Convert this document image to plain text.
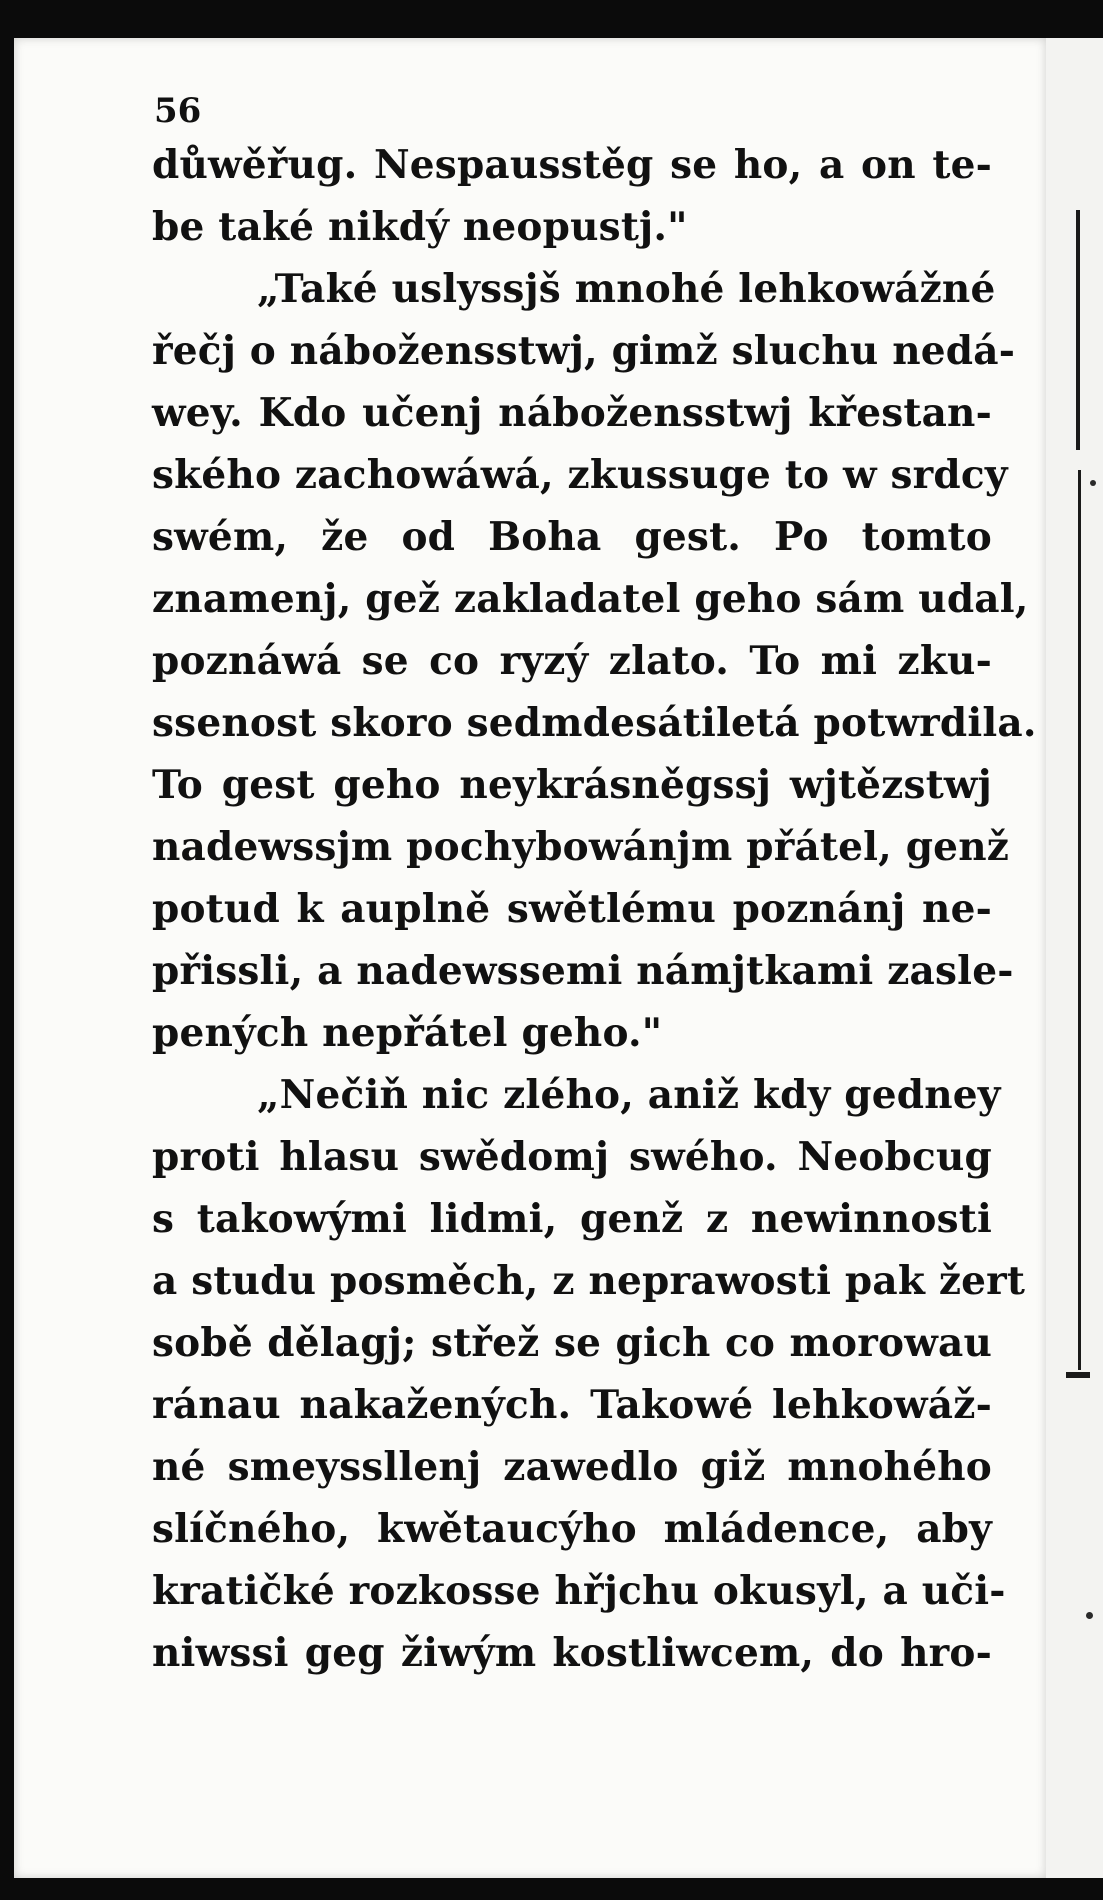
56
důwěřug. Nespausstěg se ho, a on te-
be také nikdý neopustj."
„Také uslyssjš mnohé lehkowážné
řečj o nábožensstwj, gimž sluchu nedá-
wey. Kdo učenj nábožensstwj křestan-
ského zachowáwá, zkussuge to w srdcy
swém, že od Boha gest. Po tomto
znamenj, gež zakladatel geho sám udal,
poznáwá se co ryzý zlato. To mi zku-
ssenost skoro sedmdesátiletá potwrdila.
To gest geho neykrásněgssj wjtězstwj
nadewssjm pochybowánjm přátel, genž
potud k auplně swětlému poznánj ne-
přissli, a nadewssemi námjtkami zasle-
pených nepřátel geho."
„Nečiň nic zlého, aniž kdy gedney
proti hlasu swědomj swého. Neobcug
s takowými lidmi, genž z newinnosti
a studu posměch, z neprawosti pak žert
sobě dělagj; střež se gich co morowau
ránau nakažených. Takowé lehkowáž-
né smeyssllenj zawedlo giž mnohého
slíčného, kwětaucýho mládence, aby
kratičké rozkosse hřjchu okusyl, a uči-
niwssi geg žiwým kostliwcem, do hro-
